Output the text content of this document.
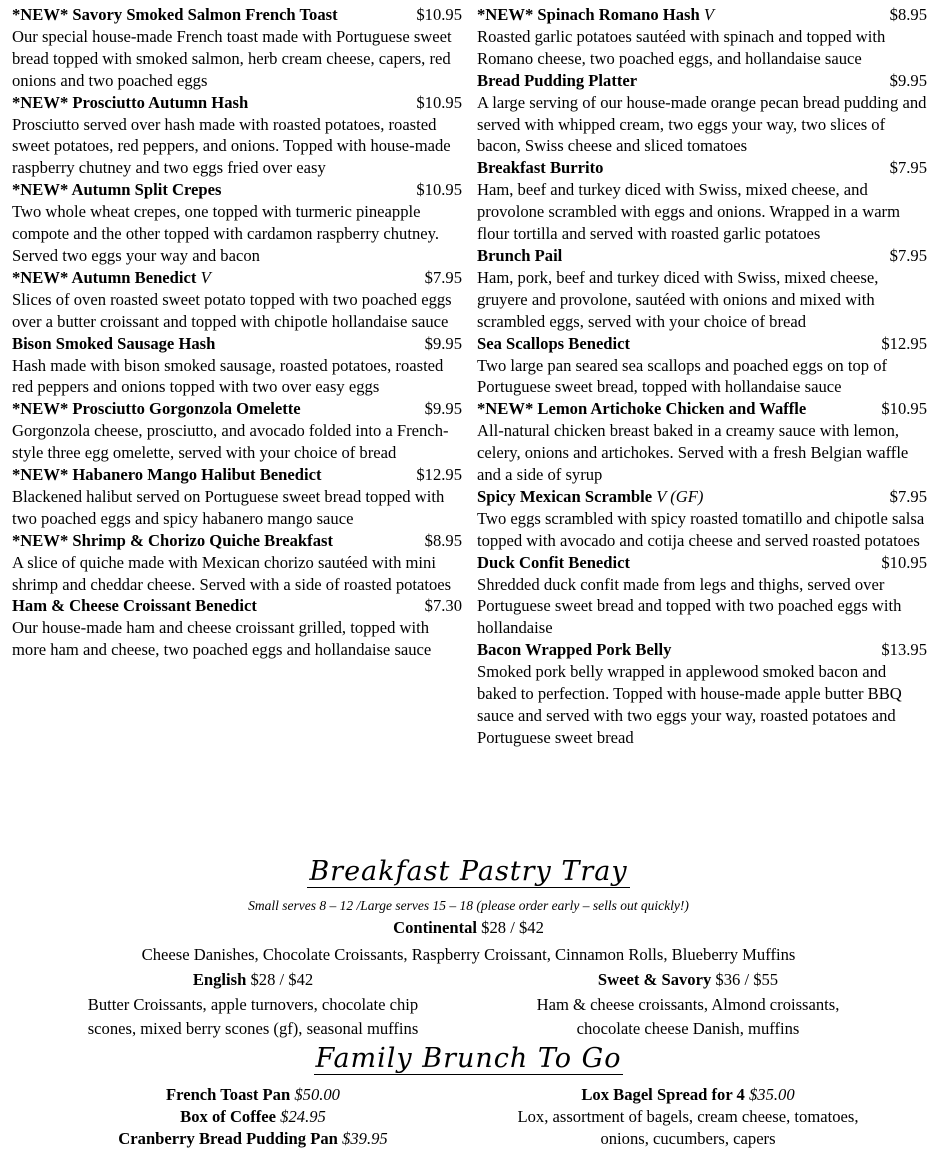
*NEW* Savory Smoked Salmon French Toast	$10.95
Our special house-made French toast made with Portuguese sweet bread topped with smoked salmon, herb cream cheese, capers, red onions and two poached eggs
*NEW* Prosciutto Autumn Hash	$10.95
Prosciutto served over hash made with roasted potatoes, roasted sweet potatoes, red peppers, and onions. Topped with house-made raspberry chutney and two eggs fried over easy
*NEW* Autumn Split Crepes	$10.95
Two whole wheat crepes, one topped with turmeric pineapple compote and the other topped with cardamon raspberry chutney. Served two eggs your way and bacon
*NEW* Autumn Benedict V	$7.95
Slices of oven roasted sweet potato topped with two poached eggs over a butter croissant and topped with chipotle hollandaise sauce
Bison Smoked Sausage Hash	$9.95
Hash made with bison smoked sausage, roasted potatoes, roasted red peppers and onions topped with two over easy eggs
*NEW* Prosciutto Gorgonzola Omelette	$9.95
Gorgonzola cheese, prosciutto, and avocado folded into a French-style three egg omelette, served with your choice of bread
*NEW* Habanero Mango Halibut Benedict	$12.95
Blackened halibut served on Portuguese sweet bread topped with two poached eggs and spicy habanero mango sauce
*NEW* Shrimp & Chorizo Quiche Breakfast	$8.95
A slice of quiche made with Mexican chorizo sautéed with mini shrimp and cheddar cheese. Served with a side of roasted potatoes
Ham & Cheese Croissant Benedict	$7.30
Our house-made ham and cheese croissant grilled, topped with more ham and cheese, two poached eggs and hollandaise sauce
*NEW* Spinach Romano Hash V	$8.95
Roasted garlic potatoes sautéed with spinach and topped with Romano cheese, two poached eggs, and hollandaise sauce
Bread Pudding Platter	$9.95
A large serving of our house-made orange pecan bread pudding and served with whipped cream, two eggs your way, two slices of bacon, Swiss cheese and sliced tomatoes
Breakfast Burrito	$7.95
Ham, beef and turkey diced with Swiss, mixed cheese, and provolone scrambled with eggs and onions. Wrapped in a warm flour tortilla and served with roasted garlic potatoes
Brunch Pail	$7.95
Ham, pork, beef and turkey diced with Swiss, mixed cheese, gruyere and provolone, sautéed with onions and mixed with scrambled eggs, served with your choice of bread
Sea Scallops Benedict	$12.95
Two large pan seared sea scallops and poached eggs on top of Portuguese sweet bread, topped with hollandaise sauce
*NEW* Lemon Artichoke Chicken and Waffle	$10.95
All-natural chicken breast baked in a creamy sauce with lemon, celery, onions and artichokes. Served with a fresh Belgian waffle and a side of syrup
Spicy Mexican Scramble V (GF)	$7.95
Two eggs scrambled with spicy roasted tomatillo and chipotle salsa topped with avocado and cotija cheese and served roasted potatoes
Duck Confit Benedict	$10.95
Shredded duck confit made from legs and thighs, served over Portuguese sweet bread and topped with two poached eggs with hollandaise
Bacon Wrapped Pork Belly	$13.95
Smoked pork belly wrapped in applewood smoked bacon and baked to perfection. Topped with house-made apple butter BBQ sauce and served with two eggs your way, roasted potatoes and Portuguese sweet bread
Breakfast Pastry Tray
Small serves 8 – 12 /Large serves 15 – 18 (please order early – sells out quickly!)
Continental $28 / $42
Cheese Danishes, Chocolate Croissants, Raspberry Croissant, Cinnamon Rolls, Blueberry Muffins
English $28 / $42
Butter Croissants, apple turnovers, chocolate chip
scones, mixed berry scones (gf), seasonal muffins
Sweet & Savory $36 / $55
Ham & cheese croissants, Almond croissants,
chocolate cheese Danish, muffins
Family Brunch To Go
French Toast Pan $50.00
Box of Coffee $24.95
Cranberry Bread Pudding Pan $39.95
Lox Bagel Spread for 4 $35.00
Lox, assortment of bagels, cream cheese, tomatoes,
onions, cucumbers, capers
